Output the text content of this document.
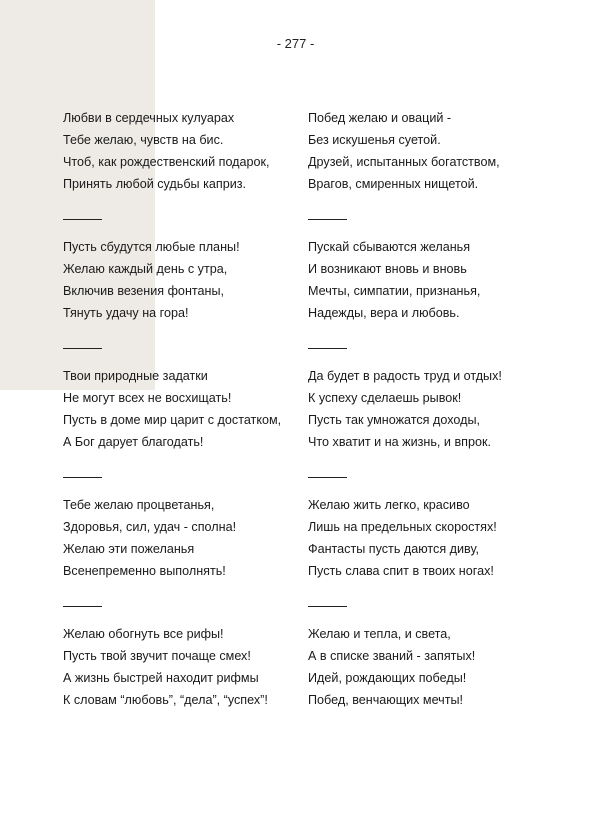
- 277 -
Любви в сердечных кулуарах
Тебе желаю, чувств на бис.
Чтоб, как рождественский подарок,
Принять любой судьбы каприз.
Пусть сбудутся любые планы!
Желаю каждый день с утра,
Включив везения фонтаны,
Тянуть удачу на гора!
Твои природные задатки
Не могут всех не восхищать!
Пусть в доме мир царит с достатком,
А Бог дарует благодать!
Тебе желаю процветанья,
Здоровья, сил, удач - сполна!
Желаю эти пожеланья
Всенепременно выполнять!
Желаю обогнуть все рифы!
Пусть твой звучит почаще смех!
А жизнь быстрей находит рифмы
К словам “любовь”, “дела”, “успех”!
Побед желаю и оваций -
Без искушенья суетой.
Друзей, испытанных богатством,
Врагов, смиренных нищетой.
Пускай сбываются желанья
И возникают вновь и вновь
Мечты, симпатии, признанья,
Надежды, вера и любовь.
Да будет в радость труд и отдых!
К успеху сделаешь рывок!
Пусть так умножатся доходы,
Что хватит и на жизнь, и впрок.
Желаю жить легко, красиво
Лишь на предельных скоростях!
Фантасты пусть даются диву,
Пусть слава спит в твоих ногах!
Желаю и тепла, и света,
А в списке званий - запятых!
Идей, рождающих победы!
Побед, венчающих мечты!
